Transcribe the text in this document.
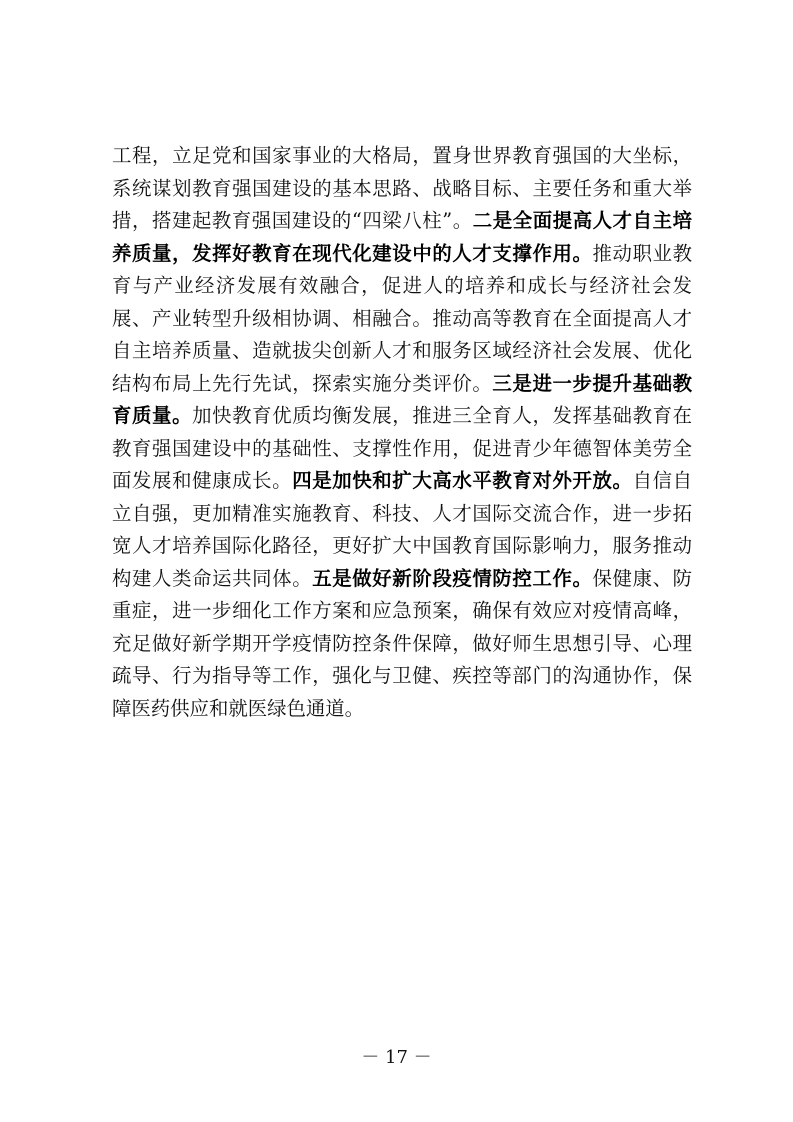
工程，立足党和国家事业的大格局，置身世界教育强国的大坐标，系统谋划教育强国建设的基本思路、战略目标、主要任务和重大举措，搭建起教育强国建设的“四梁八柱”。二是全面提高人才自主培养质量，发挥好教育在现代化建设中的人才支撑作用。推动职业教育与产业经济发展有效融合，促进人的培养和成长与经济社会发展、产业转型升级相协调、相融合。推动高等教育在全面提高人才自主培养质量、造就拔尖创新人才和服务区域经济社会发展、优化结构布局上先行先试，探索实施分类评价。三是进一步提升基础教育质量。加快教育优质均衡发展，推进三全育人，发挥基础教育在教育强国建设中的基础性、支撑性作用，促进青少年德智体美劳全面发展和健康成长。四是加快和扩大高水平教育对外开放。自信自立自强，更加精准实施教育、科技、人才国际交流合作，进一步拓宽人才培养国际化路径，更好扩大中国教育国际影响力，服务推动构建人类命运共同体。五是做好新阶段疫情防控工作。保健康、防重症，进一步细化工作方案和应急预案，确保有效应对疫情高峰，充足做好新学期开学疫情防控条件保障，做好师生思想引导、心理疏导、行为指导等工作，强化与卫健、疾控等部门的沟通协作，保障医药供应和就医绿色通道。

－ 17 －
